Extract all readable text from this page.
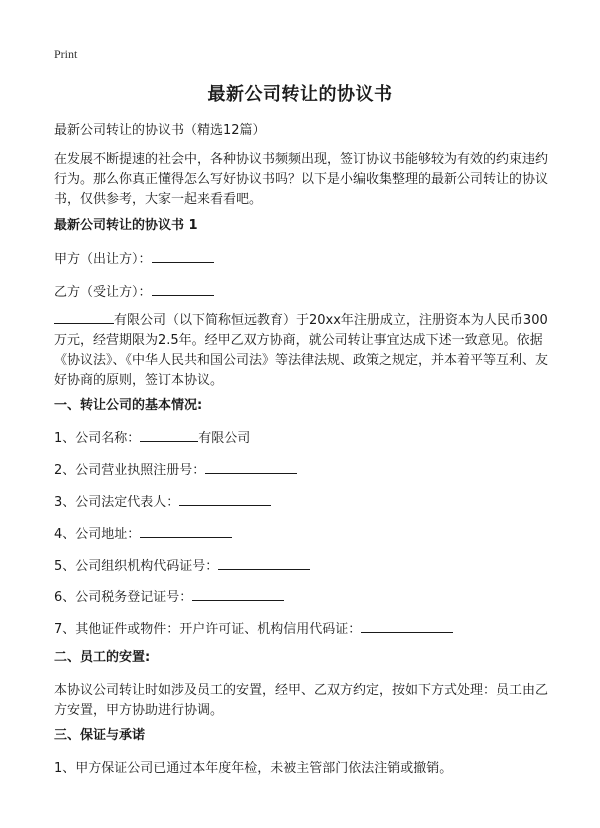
Print
最新公司转让的协议书

最新公司转让的协议书（精选12篇）

在发展不断提速的社会中，各种协议书频频出现，签订协议书能够较为有效的约束违约行为。那么你真正懂得怎么写好协议书吗？以下是小编收集整理的最新公司转让的协议书，仅供参考，大家一起来看看吧。

最新公司转让的协议书 1

甲方（出让方）：

乙方（受让方）：

有限公司（以下简称恒远教育）于20xx年注册成立，注册资本为人民币300万元，经营期限为2.5年。经甲乙双方协商，就公司转让事宜达成下述一致意见。依据《协议法》、《中华人民共和国公司法》等法律法规、政策之规定，并本着平等互利、友好协商的原则，签订本协议。

一、转让公司的基本情况:

1、公司名称：	有限公司

2、公司营业执照注册号：

3、公司法定代表人：

4、公司地址：

5、公司组织机构代码证号：

6、公司税务登记证号：

7、其他证件或物件：开户许可证、机构信用代码证：

二、员工的安置:

本协议公司转让时如涉及员工的安置，经甲、乙双方约定，按如下方式处理：员工由乙方安置，甲方协助进行协调。

三、保证与承诺

1、甲方保证公司已通过本年度年检，未被主管部门依法注销或撤销。
